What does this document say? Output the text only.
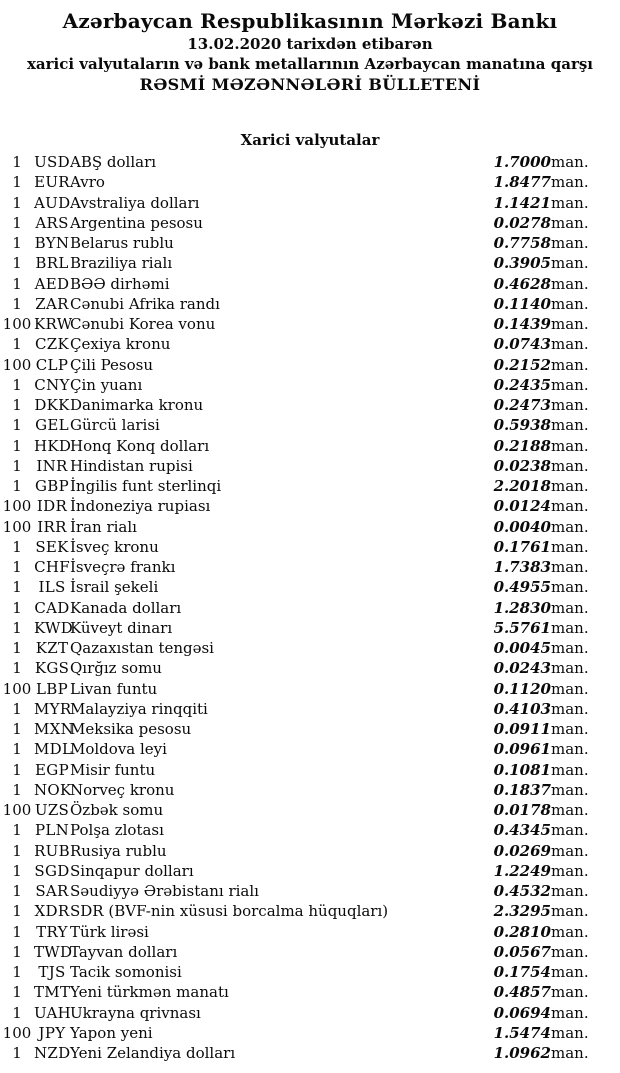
Azərbaycan Respublikasının Mərkəzi Bankı
13.02.2020 tarixdən etibarən
xarici valyutaların və bank metallarının Azərbaycan manatına qarşı
RƏSMİ MƏZƏNNƏLƏRİ BÜLLETENİ
Xarici valyutalar
1	USD	ABŞ dolları	1.7000	man.
1	EUR	Avro	1.8477	man.
1	AUD	Avstraliya dolları	1.1421	man.
1	ARS	Argentina pesosu	0.0278	man.
1	BYN	Belarus rublu	0.7758	man.
1	BRL	Braziliya rialı	0.3905	man.
1	AED	BƏƏ dirhəmi	0.4628	man.
1	ZAR	Cənubi Afrika randı	0.1140	man.
100	KRW	Cənubi Korea vonu	0.1439	man.
1	CZK	Çexiya kronu	0.0743	man.
100	CLP	Çili Pesosu	0.2152	man.
1	CNY	Çin yuanı	0.2435	man.
1	DKK	Danimarka kronu	0.2473	man.
1	GEL	Gürcü larisi	0.5938	man.
1	HKD	Honq Konq dolları	0.2188	man.
1	INR	Hindistan rupisi	0.0238	man.
1	GBP	İngilis funt sterlinqi	2.2018	man.
100	IDR	İndoneziya rupiası	0.0124	man.
100	IRR	İran rialı	0.0040	man.
1	SEK	İsveç kronu	0.1761	man.
1	CHF	İsveçrə frankı	1.7383	man.
1	ILS	İsrail şekeli	0.4955	man.
1	CAD	Kanada dolları	1.2830	man.
1	KWD	Küveyt dinarı	5.5761	man.
1	KZT	Qazaxıstan tengəsi	0.0045	man.
1	KGS	Qırğız somu	0.0243	man.
100	LBP	Livan funtu	0.1120	man.
1	MYR	Malayziya rinqqiti	0.4103	man.
1	MXN	Meksika pesosu	0.0911	man.
1	MDL	Moldova leyi	0.0961	man.
1	EGP	Misir funtu	0.1081	man.
1	NOK	Norveç kronu	0.1837	man.
100	UZS	Özbək somu	0.0178	man.
1	PLN	Polşa zlotası	0.4345	man.
1	RUB	Rusiya rublu	0.0269	man.
1	SGD	Sinqapur dolları	1.2249	man.
1	SAR	Səudiyyə Ərəbistanı rialı	0.4532	man.
1	XDR	SDR (BVF-nin xüsusi borcalma hüquqları)	2.3295	man.
1	TRY	Türk lirəsi	0.2810	man.
1	TWD	Tayvan dolları	0.0567	man.
1	TJS	Tacik somonisi	0.1754	man.
1	TMT	Yeni türkmən manatı	0.4857	man.
1	UAH	Ukrayna qrivnası	0.0694	man.
100	JPY	Yapon yeni	1.5474	man.
1	NZD	Yeni Zelandiya dolları	1.0962	man.
